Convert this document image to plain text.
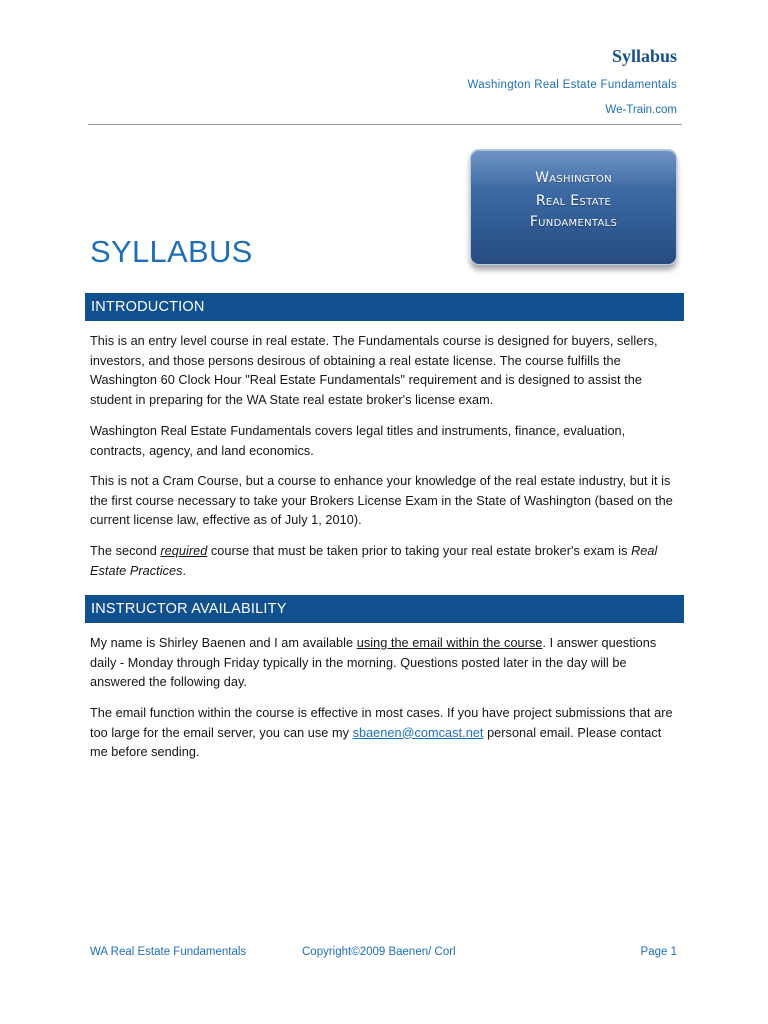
Syllabus
Washington Real Estate Fundamentals
We-Train.com
Washington
Real Estate
Fundamentals
SYLLABUS
INTRODUCTION
This is an entry level course in real estate. The Fundamentals course is designed for buyers, sellers, investors, and those persons desirous of obtaining a real estate license. The course fulfills the Washington 60 Clock Hour "Real Estate Fundamentals" requirement and is designed to assist the student in preparing for the WA State real estate broker's license exam.
Washington Real Estate Fundamentals covers legal titles and instruments, finance, evaluation, contracts, agency, and land economics.
This is not a Cram Course, but a course to enhance your knowledge of the real estate industry, but it is the first course necessary to take your Brokers License Exam in the State of Washington (based on the current license law, effective as of July 1, 2010).
The second required course that must be taken prior to taking your real estate broker's exam is Real Estate Practices.
INSTRUCTOR AVAILABILITY
My name is Shirley Baenen and I am available using the email within the course. I answer questions daily - Monday through Friday typically in the morning. Questions posted later in the day will be answered the following day.
The email function within the course is effective in most cases. If you have project submissions that are too large for the email server, you can use my sbaenen@comcast.net personal email. Please contact me before sending.
WA Real Estate Fundamentals	Copyright©2009 Baenen/ Corl	Page 1
